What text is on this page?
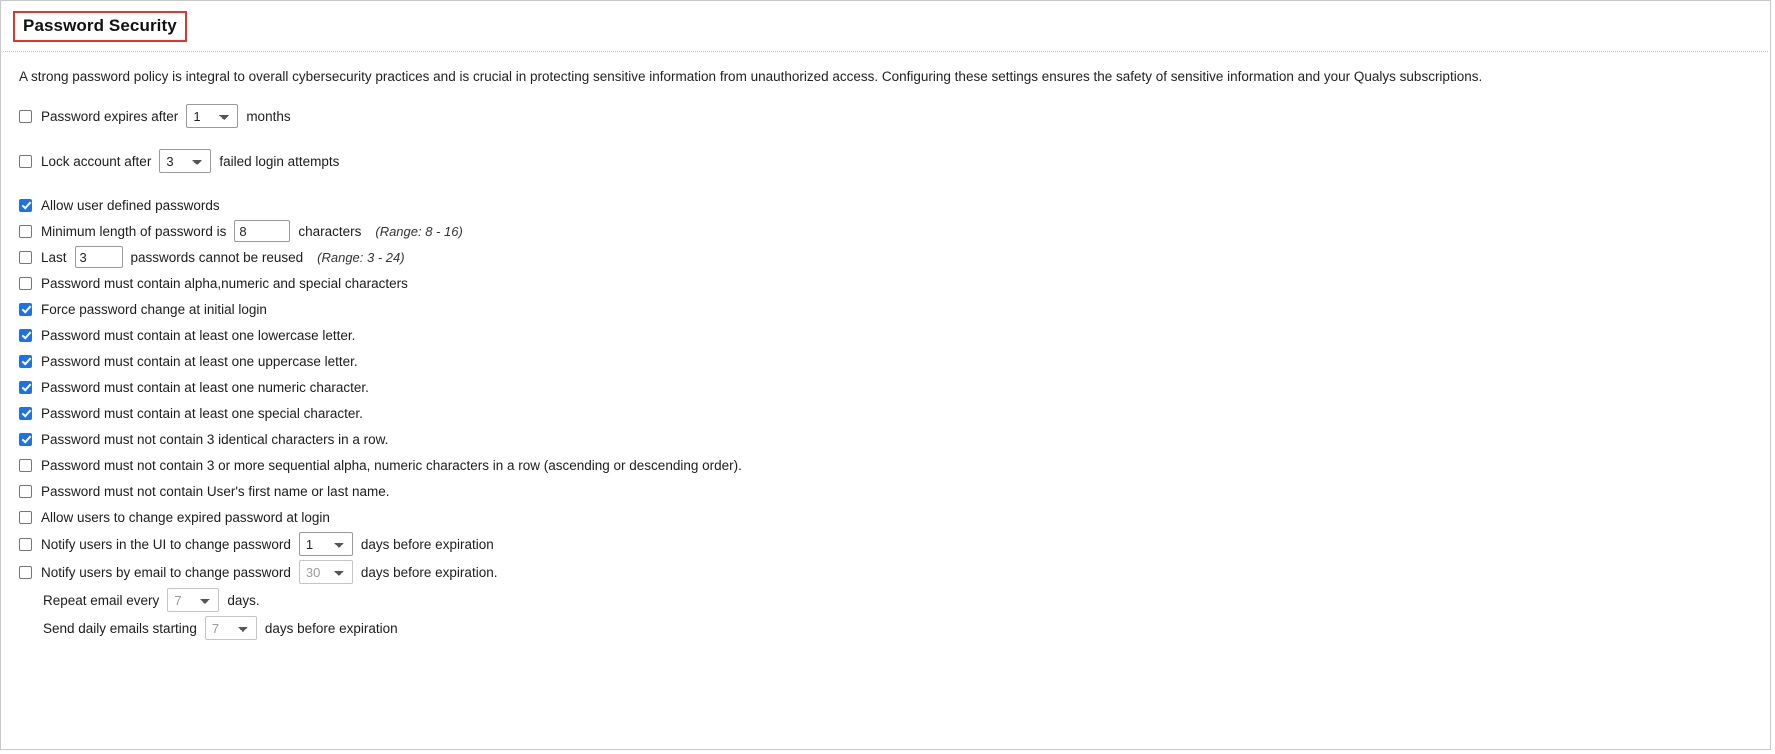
Password Security
A strong password policy is integral to overall cybersecurity practices and is crucial in protecting sensitive information from unauthorized access. Configuring these settings ensures the safety of sensitive information and your Qualys subscriptions.
Password expires after
1	months
Lock account after
3	failed login attempts
Allow user defined passwords
Minimum length of password is
8	characters (Range: 8 - 16)
Last
3	passwords cannot be reused (Range: 3 - 24)
Password must contain alpha,numeric and special characters
Force password change at initial login
Password must contain at least one lowercase letter.
Password must contain at least one uppercase letter.
Password must contain at least one numeric character.
Password must contain at least one special character.
Password must not contain 3 identical characters in a row.
Password must not contain 3 or more sequential alpha, numeric characters in a row (ascending or descending order).
Password must not contain User's first name or last name.
Allow users to change expired password at login
Notify users in the UI to change password
1	days before expiration
Notify users by email to change password
30	days before expiration.
Repeat email every
7	days.
Send daily emails starting
7	days before expiration
